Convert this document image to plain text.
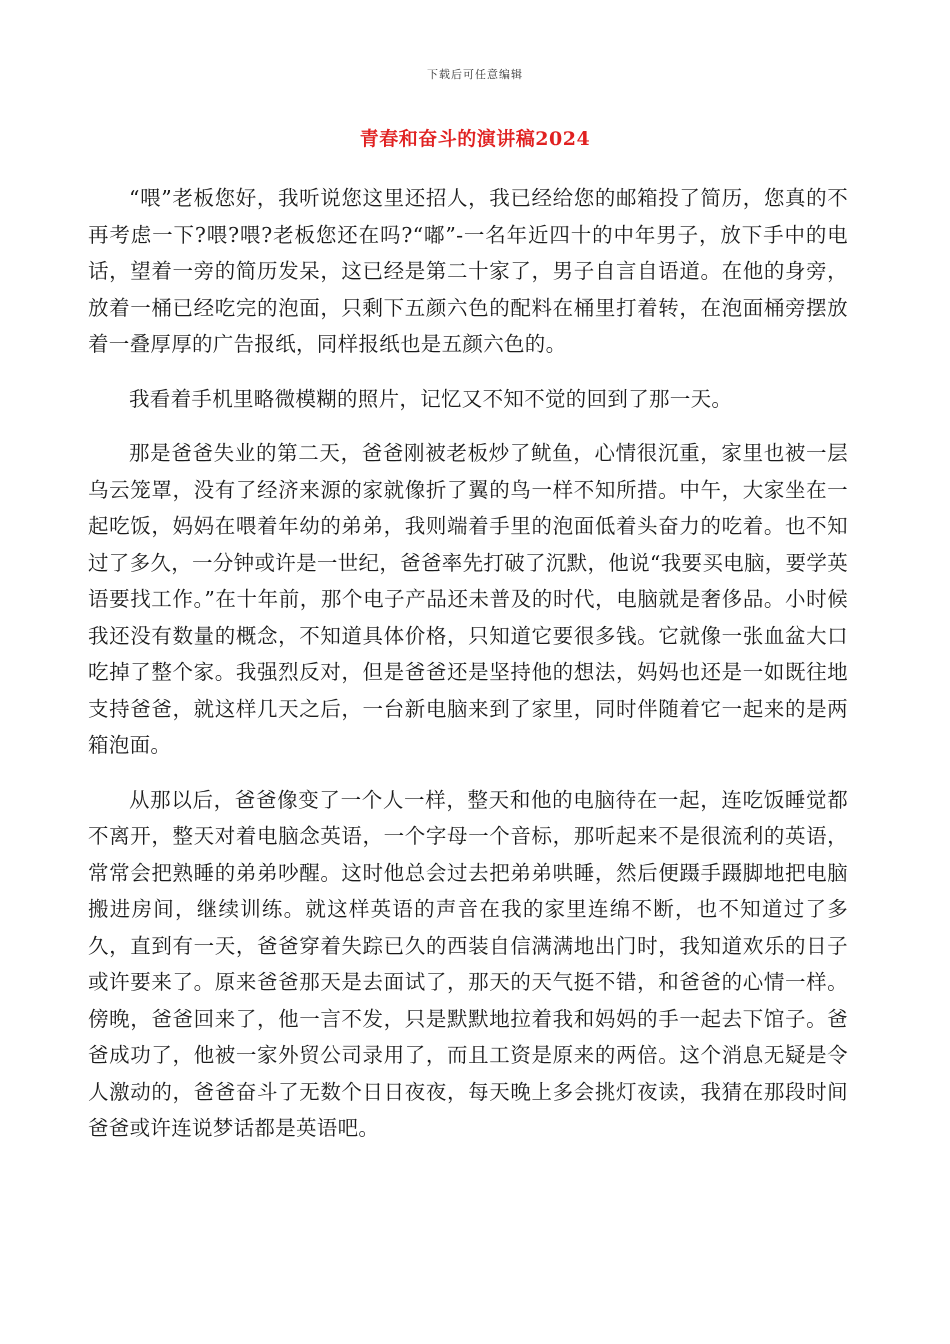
下载后可任意编辑
青春和奋斗的演讲稿2024

“喂”老板您好，我听说您这里还招人，我已经给您的邮箱投了简历，您真的不再考虑一下?喂?喂?老板您还在吗?“嘟”-一名年近四十的中年男子，放下手中的电话，望着一旁的简历发呆，这已经是第二十家了，男子自言自语道。在他的身旁，放着一桶已经吃完的泡面，只剩下五颜六色的配料在桶里打着转，在泡面桶旁摆放着一叠厚厚的广告报纸，同样报纸也是五颜六色的。

我看着手机里略微模糊的照片，记忆又不知不觉的回到了那一天。

那是爸爸失业的第二天，爸爸刚被老板炒了鱿鱼，心情很沉重，家里也被一层乌云笼罩，没有了经济来源的家就像折了翼的鸟一样不知所措。中午，大家坐在一起吃饭，妈妈在喂着年幼的弟弟，我则端着手里的泡面低着头奋力的吃着。也不知过了多久，一分钟或许是一世纪，爸爸率先打破了沉默，他说“我要买电脑，要学英语要找工作。”在十年前，那个电子产品还未普及的时代，电脑就是奢侈品。小时候我还没有数量的概念，不知道具体价格，只知道它要很多钱。它就像一张血盆大口吃掉了整个家。我强烈反对，但是爸爸还是坚持他的想法，妈妈也还是一如既往地支持爸爸，就这样几天之后，一台新电脑来到了家里，同时伴随着它一起来的是两箱泡面。

从那以后，爸爸像变了一个人一样，整天和他的电脑待在一起，连吃饭睡觉都不离开，整天对着电脑念英语，一个字母一个音标，那听起来不是很流利的英语，常常会把熟睡的弟弟吵醒。这时他总会过去把弟弟哄睡，然后便蹑手蹑脚地把电脑搬进房间，继续训练。就这样英语的声音在我的家里连绵不断，也不知道过了多久，直到有一天，爸爸穿着失踪已久的西装自信满满地出门时，我知道欢乐的日子或许要来了。原来爸爸那天是去面试了，那天的天气挺不错，和爸爸的心情一样。傍晚，爸爸回来了，他一言不发，只是默默地拉着我和妈妈的手一起去下馆子。爸爸成功了，他被一家外贸公司录用了，而且工资是原来的两倍。这个消息无疑是令人激动的，爸爸奋斗了无数个日日夜夜，每天晚上多会挑灯夜读，我猜在那段时间爸爸或许连说梦话都是英语吧。
